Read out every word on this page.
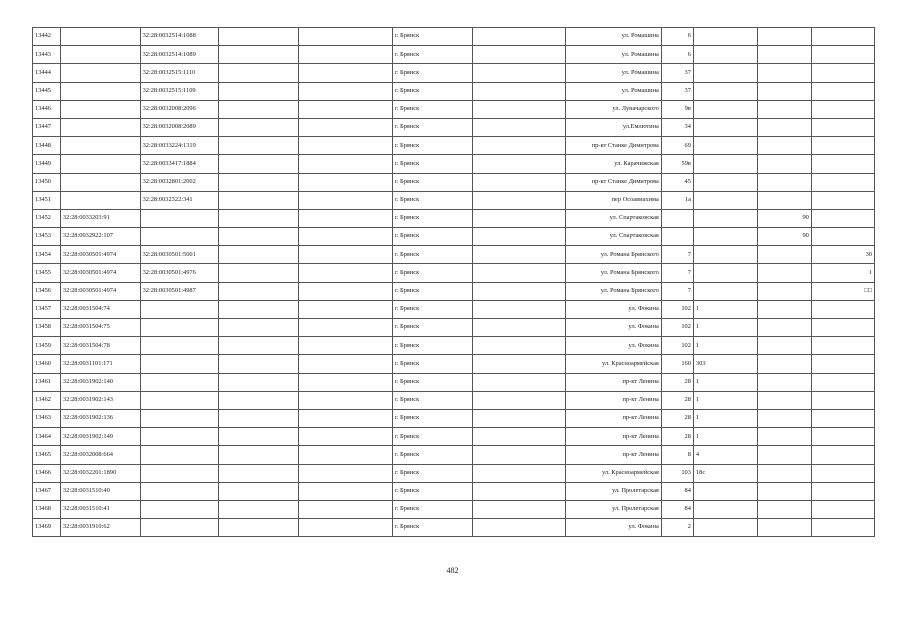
13442		32:28:0032514:1088			г. Брянск		ул. Ромашина	6			
13443		32:28:0032514:1089			г. Брянск		ул. Ромашина	6			
13444		32:28:0032515:1110			г. Брянск		ул. Ромашина	37			
13445		32:28:0032515:1109			г. Брянск		ул. Ромашина	37			
13446		32:28:0032008:2096			г. Брянск		ул. Луначарского	9в			
13447		32:28:0032008:2089			г. Брянск		ул.Емлютина	34			
13448		32:28:0033224:1319			г. Брянск		пр-кт Станке Димитрова	69			
13449		32:28:0033417:1884			г. Брянск		ул. Карачижская	59в			
13450		32:28:0032801:2002			г. Брянск		пр-кт Станке Димитрова	45			
13451		32:28:0032322:341			г. Брянск		пер Осоавиахима	1а			
13452	32:28:0033203:91				г. Брянск		ул. Спартаковская			90	
13453	32:28:0032922:107				г. Брянск		ул. Спартаковская			90	
13454	32:28:0030501:4974	32:28:0030501:5001			г. Брянск		ул. Романа Брянского	7			30
13455	32:28:0030501:4974	32:28:0030501:4976			г. Брянск		ул. Романа Брянского	7			1
13456	32:28:0030501:4974	32:28:0030501:4987			г. Брянск		ул. Романа Брянского	7			□□
13457	32:28:0031504:74				г. Брянск		ул. Фокина	102	1		
13458	32:28:0031504:75				г. Брянск		ул. Фокина	102	1		
13459	32:28:0031504:78				г. Брянск		ул. Фокина	102	1		
13460	32:28:0031101:171				г. Брянск		ул. Красноармейская	160	303		
13461	32:28:0031902:140				г. Брянск		пр-кт Ленина	28	1		
13462	32:28:0031902:143				г. Брянск		пр-кт Ленина	28	1		
13463	32:28:0031902:136				г. Брянск		пр-кт Ленина	28	1		
13464	32:28:0031902:149				г. Брянск		пр-кт Ленина	28	1		
13465	32:28:0032008:664				г. Брянск		пр-кт Ленина	8	4		
13466	32:28:0032201:1890				г. Брянск		ул. Красноармейская	103	18с		
13467	32:28:0031510:40				г. Брянск		ул. Пролетарская	84			
13468	32:28:0031510:41				г. Брянск		ул. Пролетарская	84			
13469	32:28:0031910:62				г. Брянск		ул. Фокина	2			
482
